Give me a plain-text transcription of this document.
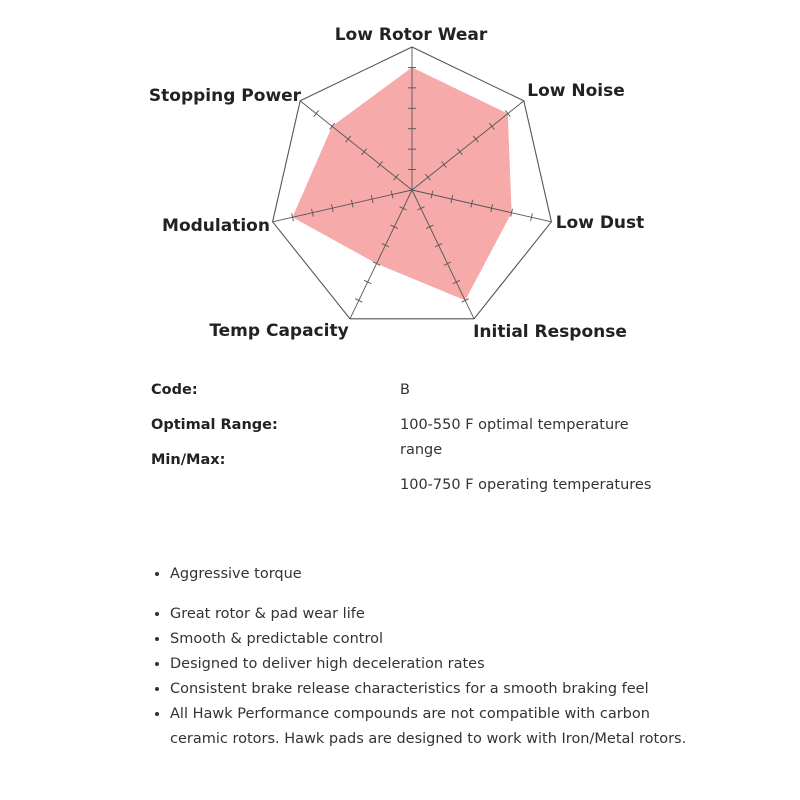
Low Rotor Wear
Low Noise
Low Dust
Initial Response
Temp Capacity
Modulation
Stopping Power
Code:	B
Optimal Range:
Min/Max:

100-550 F optimal temperature range

100-750 F operating temperatures

• Aggressive torque
• Great rotor & pad wear life
• Smooth & predictable control
• Designed to deliver high deceleration rates
• Consistent brake release characteristics for a smooth braking feel
• All Hawk Performance compounds are not compatible with carbon ceramic rotors. Hawk pads are designed to work with Iron/Metal rotors.
